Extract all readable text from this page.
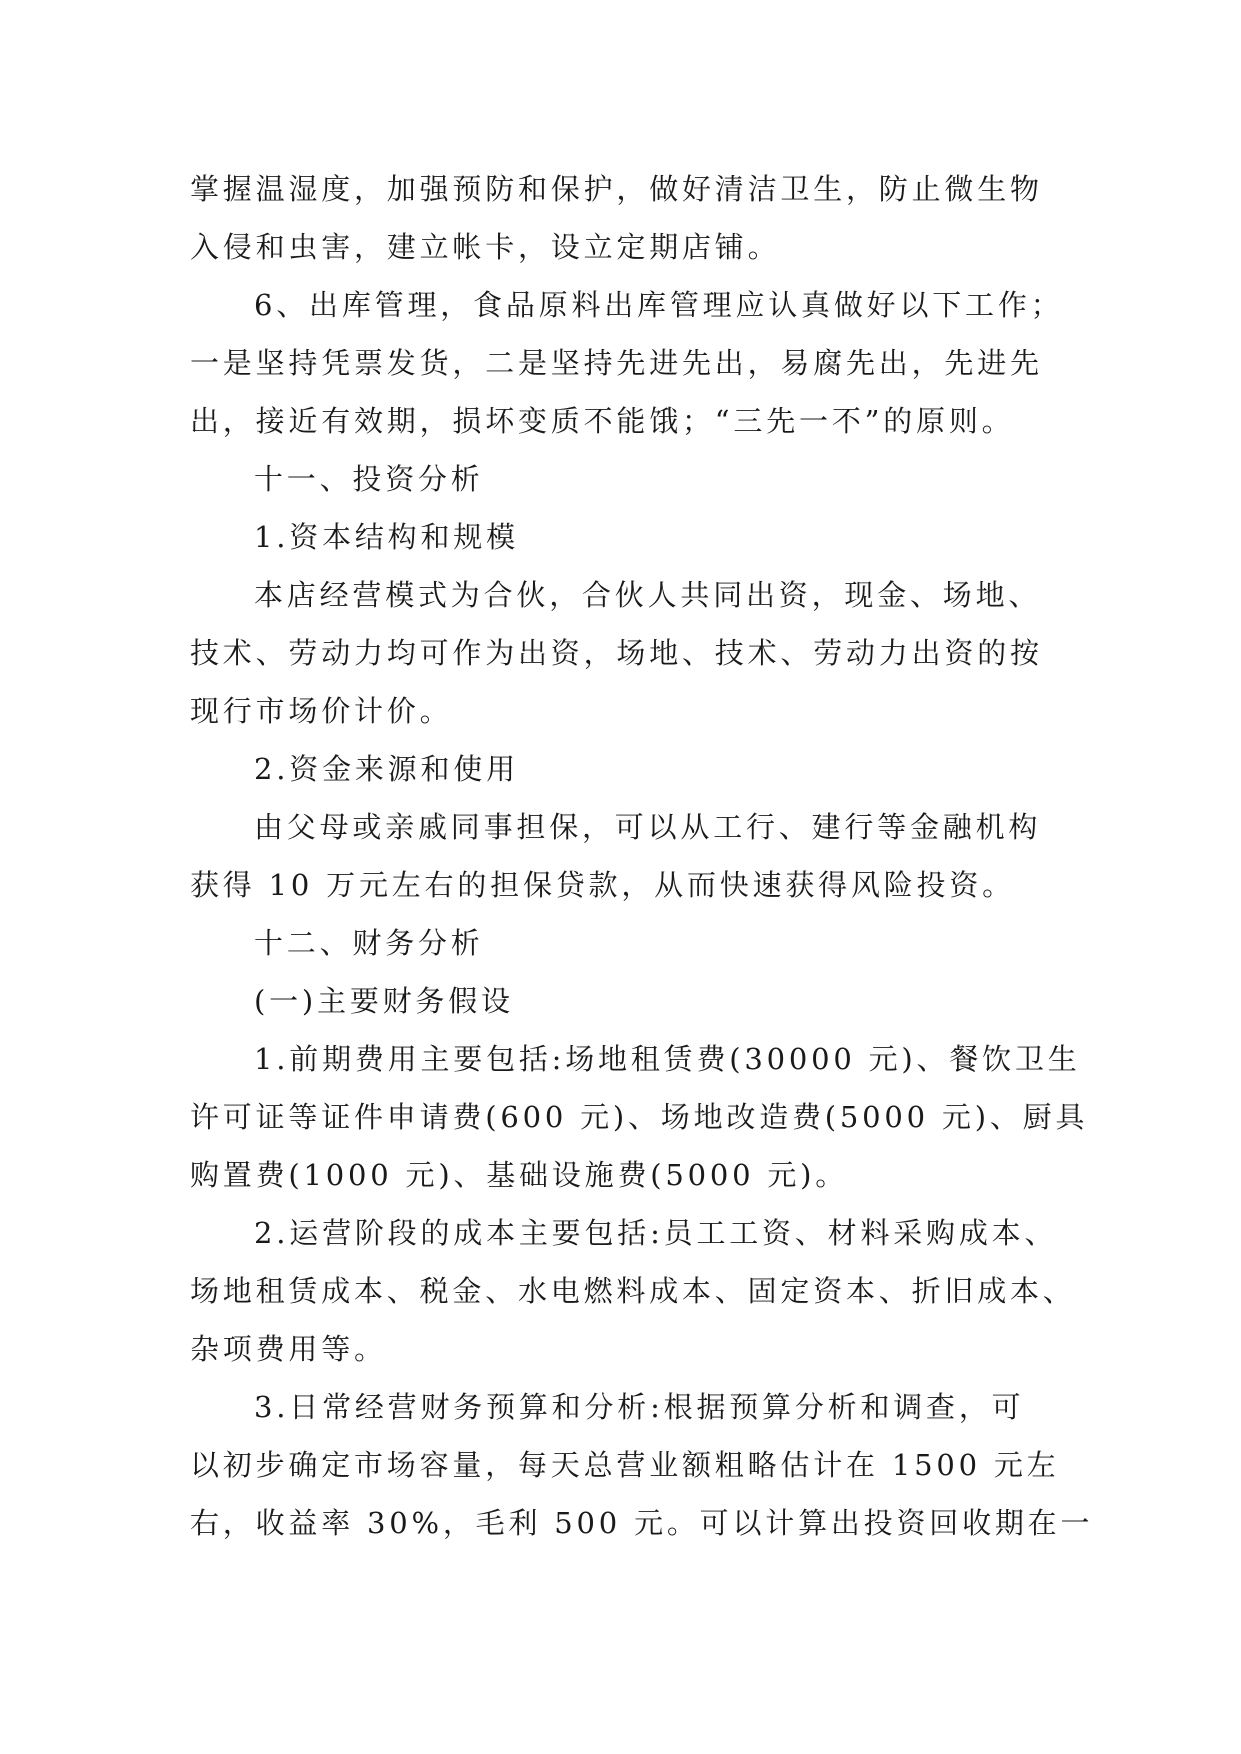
掌握温湿度，加强预防和保护，做好清洁卫生，防止微生物
入侵和虫害，建立帐卡，设立定期店铺。
6、出库管理，食品原料出库管理应认真做好以下工作；
一是坚持凭票发货，二是坚持先进先出，易腐先出，先进先
出，接近有效期，损坏变质不能饿；“三先一不”的原则。
十一、投资分析
1.资本结构和规模
本店经营模式为合伙，合伙人共同出资，现金、场地、
技术、劳动力均可作为出资，场地、技术、劳动力出资的按
现行市场价计价。
2.资金来源和使用
由父母或亲戚同事担保，可以从工行、建行等金融机构
获得 10 万元左右的担保贷款，从而快速获得风险投资。
十二、财务分析
(一)主要财务假设
1.前期费用主要包括:场地租赁费(30000 元)、餐饮卫生
许可证等证件申请费(600 元)、场地改造费(5000 元)、厨具
购置费(1000 元)、基础设施费(5000 元)。
2.运营阶段的成本主要包括:员工工资、材料采购成本、
场地租赁成本、税金、水电燃料成本、固定资本、折旧成本、
杂项费用等。
3.日常经营财务预算和分析:根据预算分析和调查，可
以初步确定市场容量，每天总营业额粗略估计在 1500 元左
右，收益率 30%，毛利 500 元。可以计算出投资回收期在一
